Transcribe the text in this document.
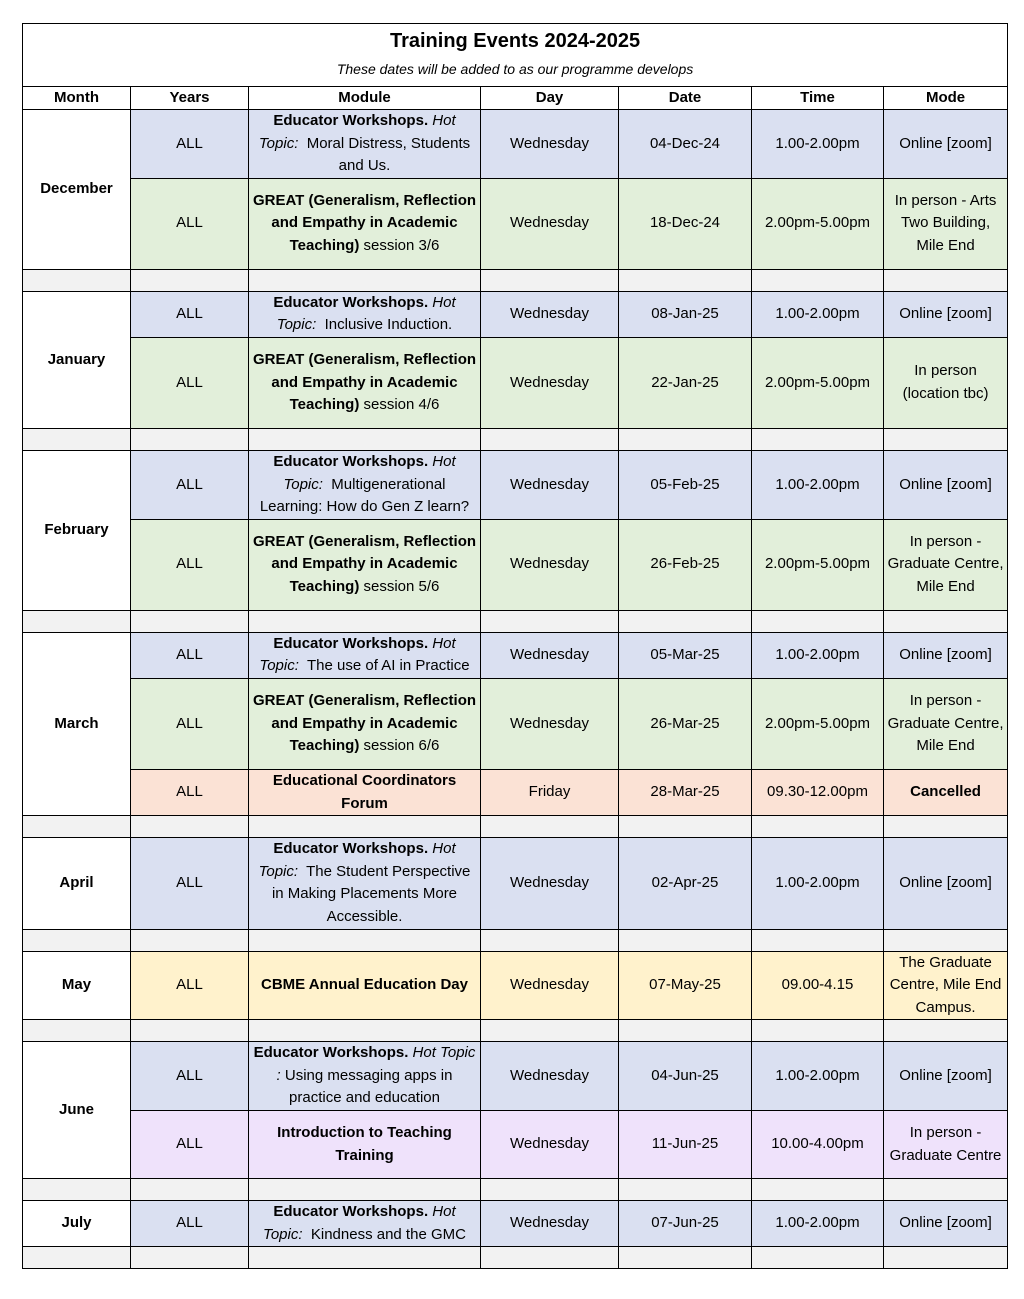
Training Events 2024-2025
These dates will be added to as our programme develops						

Month	Years	Module	Day	Date	Time	Mode
December	ALL	Educator Workshops. Hot Topic: Moral Distress, Students and Us.	Wednesday	04-Dec-24	1.00-2.00pm	Online [zoom]
	ALL	GREAT (Generalism, Reflection and Empathy in Academic Teaching) session 3/6	Wednesday	18-Dec-24	2.00pm-5.00pm	In person - Arts Two Building, Mile End

January	ALL	Educator Workshops. Hot Topic: Inclusive Induction.	Wednesday	08-Jan-25	1.00-2.00pm	Online [zoom]
	ALL	GREAT (Generalism, Reflection and Empathy in Academic Teaching) session 4/6	Wednesday	22-Jan-25	2.00pm-5.00pm	In person (location tbc)

February	ALL	Educator Workshops. Hot Topic: Multigenerational Learning: How do Gen Z learn?	Wednesday	05-Feb-25	1.00-2.00pm	Online [zoom]
	ALL	GREAT (Generalism, Reflection and Empathy in Academic Teaching) session 5/6	Wednesday	26-Feb-25	2.00pm-5.00pm	In person - Graduate Centre, Mile End

March	ALL	Educator Workshops. Hot Topic: The use of AI in Practice	Wednesday	05-Mar-25	1.00-2.00pm	Online [zoom]
	ALL	GREAT (Generalism, Reflection and Empathy in Academic Teaching) session 6/6	Wednesday	26-Mar-25	2.00pm-5.00pm	In person - Graduate Centre, Mile End
	ALL	Educational Coordinators Forum	Friday	28-Mar-25	09.30-12.00pm	Cancelled

April	ALL	Educator Workshops. Hot Topic: The Student Perspective in Making Placements More Accessible.	Wednesday	02-Apr-25	1.00-2.00pm	Online [zoom]

May	ALL	CBME Annual Education Day	Wednesday	07-May-25	09.00-4.15	The Graduate Centre, Mile End Campus.

June	ALL	Educator Workshops. Hot Topic : Using messaging apps in practice and education	Wednesday	04-Jun-25	1.00-2.00pm	Online [zoom]
	ALL	Introduction to Teaching Training	Wednesday	11-Jun-25	10.00-4.00pm	In person - Graduate Centre

July	ALL	Educator Workshops. Hot Topic: Kindness and the GMC	Wednesday	07-Jun-25	1.00-2.00pm	Online [zoom]
